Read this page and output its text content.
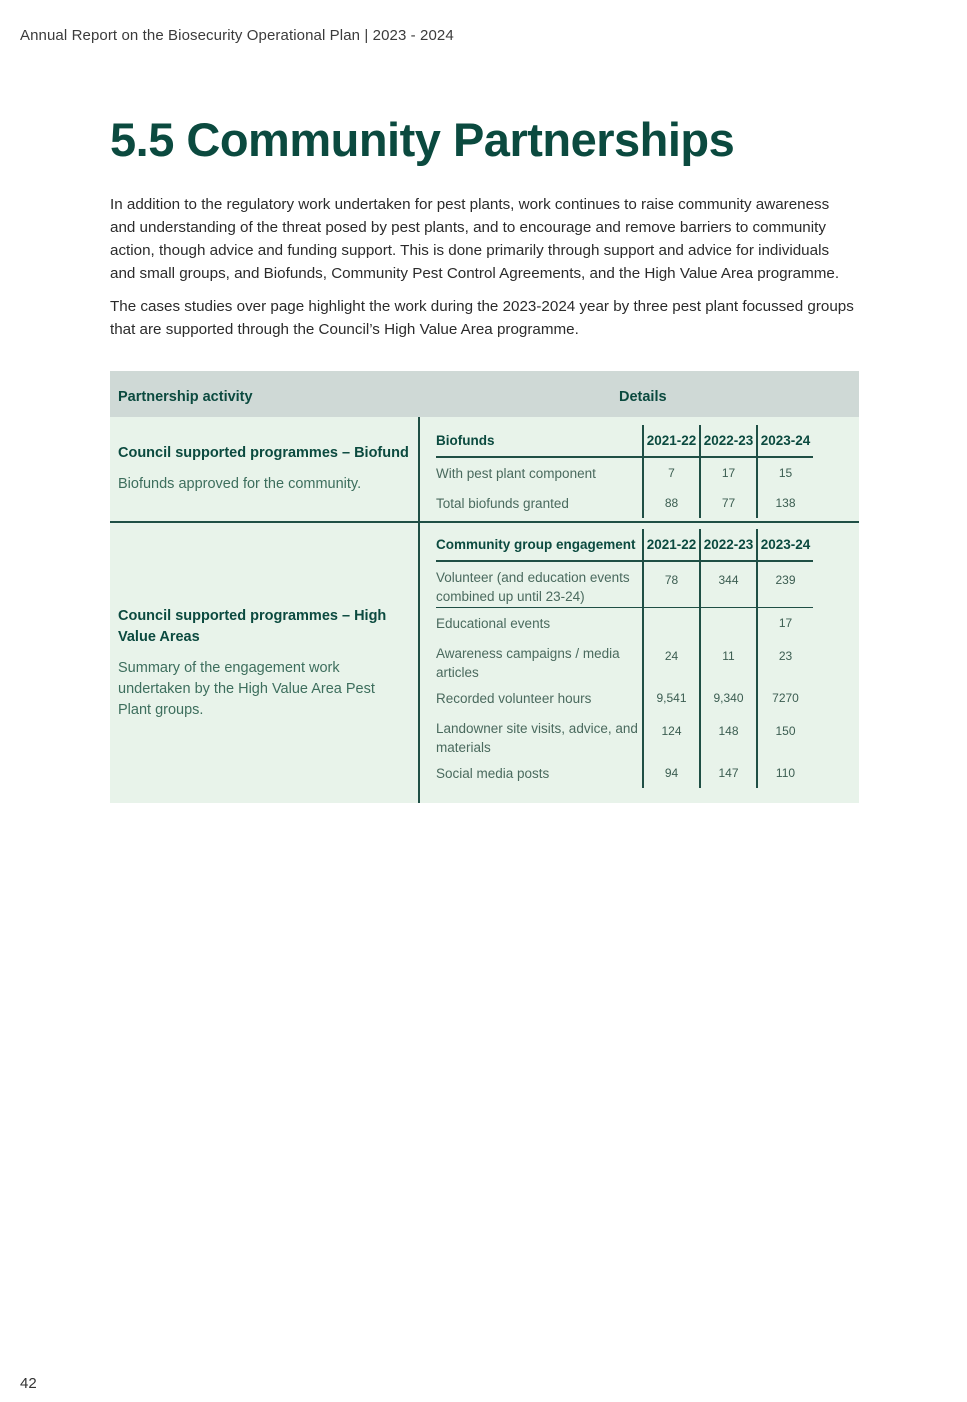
Annual Report on the Biosecurity Operational Plan | 2023 - 2024
5.5 Community Partnerships

In addition to the regulatory work undertaken for pest plants, work continues to raise community awareness and understanding of the threat posed by pest plants, and to encourage and remove barriers to community action, though advice and funding support. This is done primarily through support and advice for individuals and small groups, and Biofunds, Community Pest Control Agreements, and the High Value Area programme.

The cases studies over page highlight the work during the 2023-2024 year by three pest plant focussed groups that are supported through the Council’s High Value Area programme.

Partnership activity	Details
Council supported programmes – Biofund
Biofunds approved for the community.
Biofunds	2021-22	2022-23	2023-24
With pest plant component	7	17	15
Total biofunds granted	88	77	138
Council supported programmes – High Value Areas
Summary of the engagement work undertaken by the High Value Area Pest Plant groups.
Community group engagement	2021-22	2022-23	2023-24
Volunteer (and education events combined up until 23-24)	78	344	239
Educational events			17
Awareness campaigns / media articles	24	11	23
Recorded volunteer hours	9,541	9,340	7270
Landowner site visits, advice, and materials	124	148	150
Social media posts	94	147	110
42
